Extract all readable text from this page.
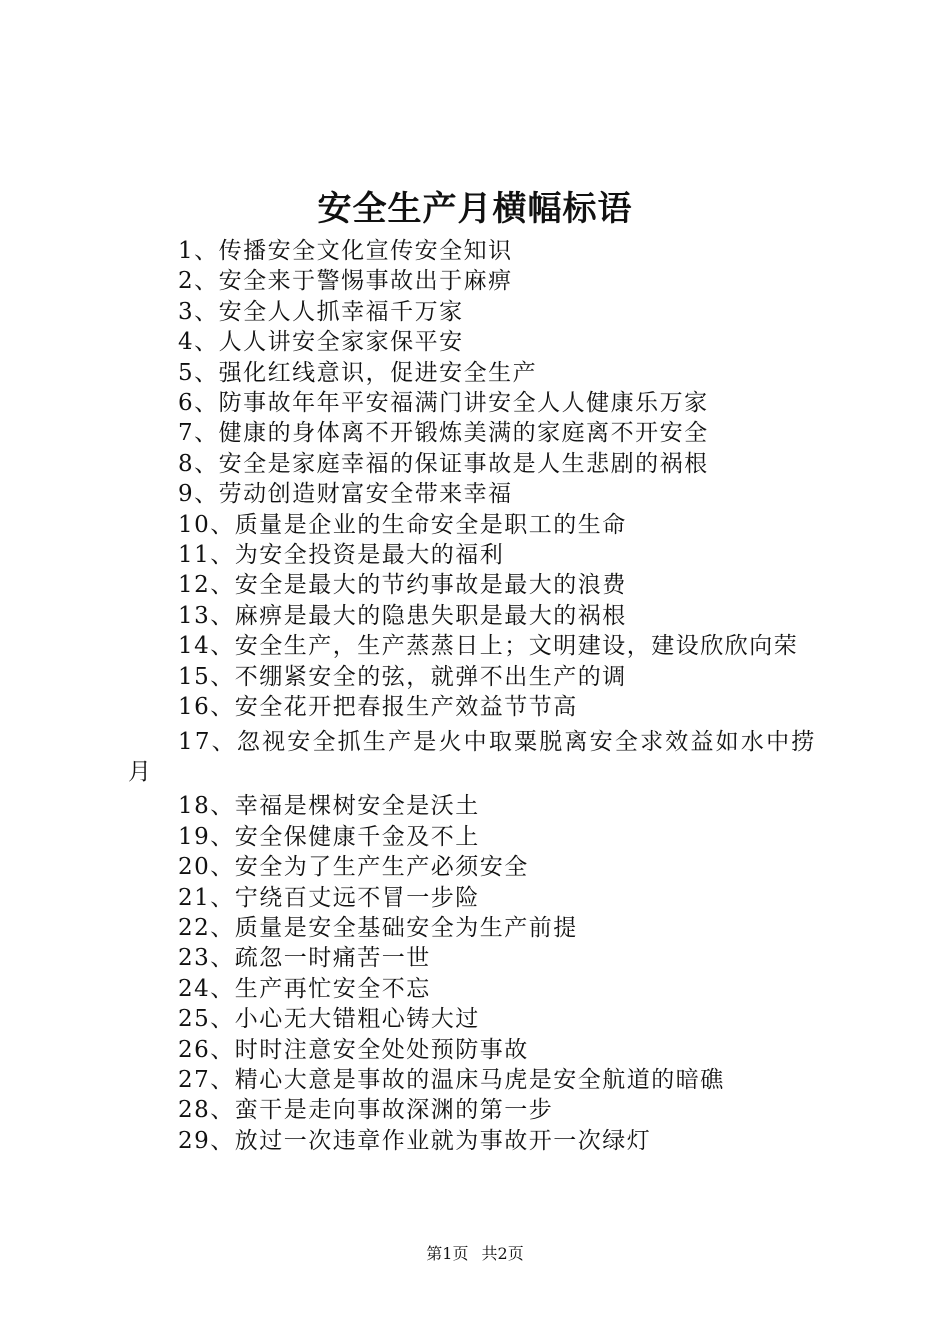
安全生产月横幅标语
1、传播安全文化宣传安全知识
2、安全来于警惕事故出于麻痹
3、安全人人抓幸福千万家
4、人人讲安全家家保平安
5、强化红线意识，促进安全生产
6、防事故年年平安福满门讲安全人人健康乐万家
7、健康的身体离不开锻炼美满的家庭离不开安全
8、安全是家庭幸福的保证事故是人生悲剧的祸根
9、劳动创造财富安全带来幸福
10、质量是企业的生命安全是职工的生命
11、为安全投资是最大的福利
12、安全是最大的节约事故是最大的浪费
13、麻痹是最大的隐患失职是最大的祸根
14、安全生产，生产蒸蒸日上；文明建设，建设欣欣向荣
15、不绷紧安全的弦，就弹不出生产的调
16、安全花开把春报生产效益节节高
17、忽视安全抓生产是火中取粟脱离安全求效益如水中捞月
18、幸福是棵树安全是沃土
19、安全保健康千金及不上
20、安全为了生产生产必须安全
21、宁绕百丈远不冒一步险
22、质量是安全基础安全为生产前提
23、疏忽一时痛苦一世
24、生产再忙安全不忘
25、小心无大错粗心铸大过
26、时时注意安全处处预防事故
27、精心大意是事故的温床马虎是安全航道的暗礁
28、蛮干是走向事故深渊的第一步
29、放过一次违章作业就为事故开一次绿灯
第1页 共2页
